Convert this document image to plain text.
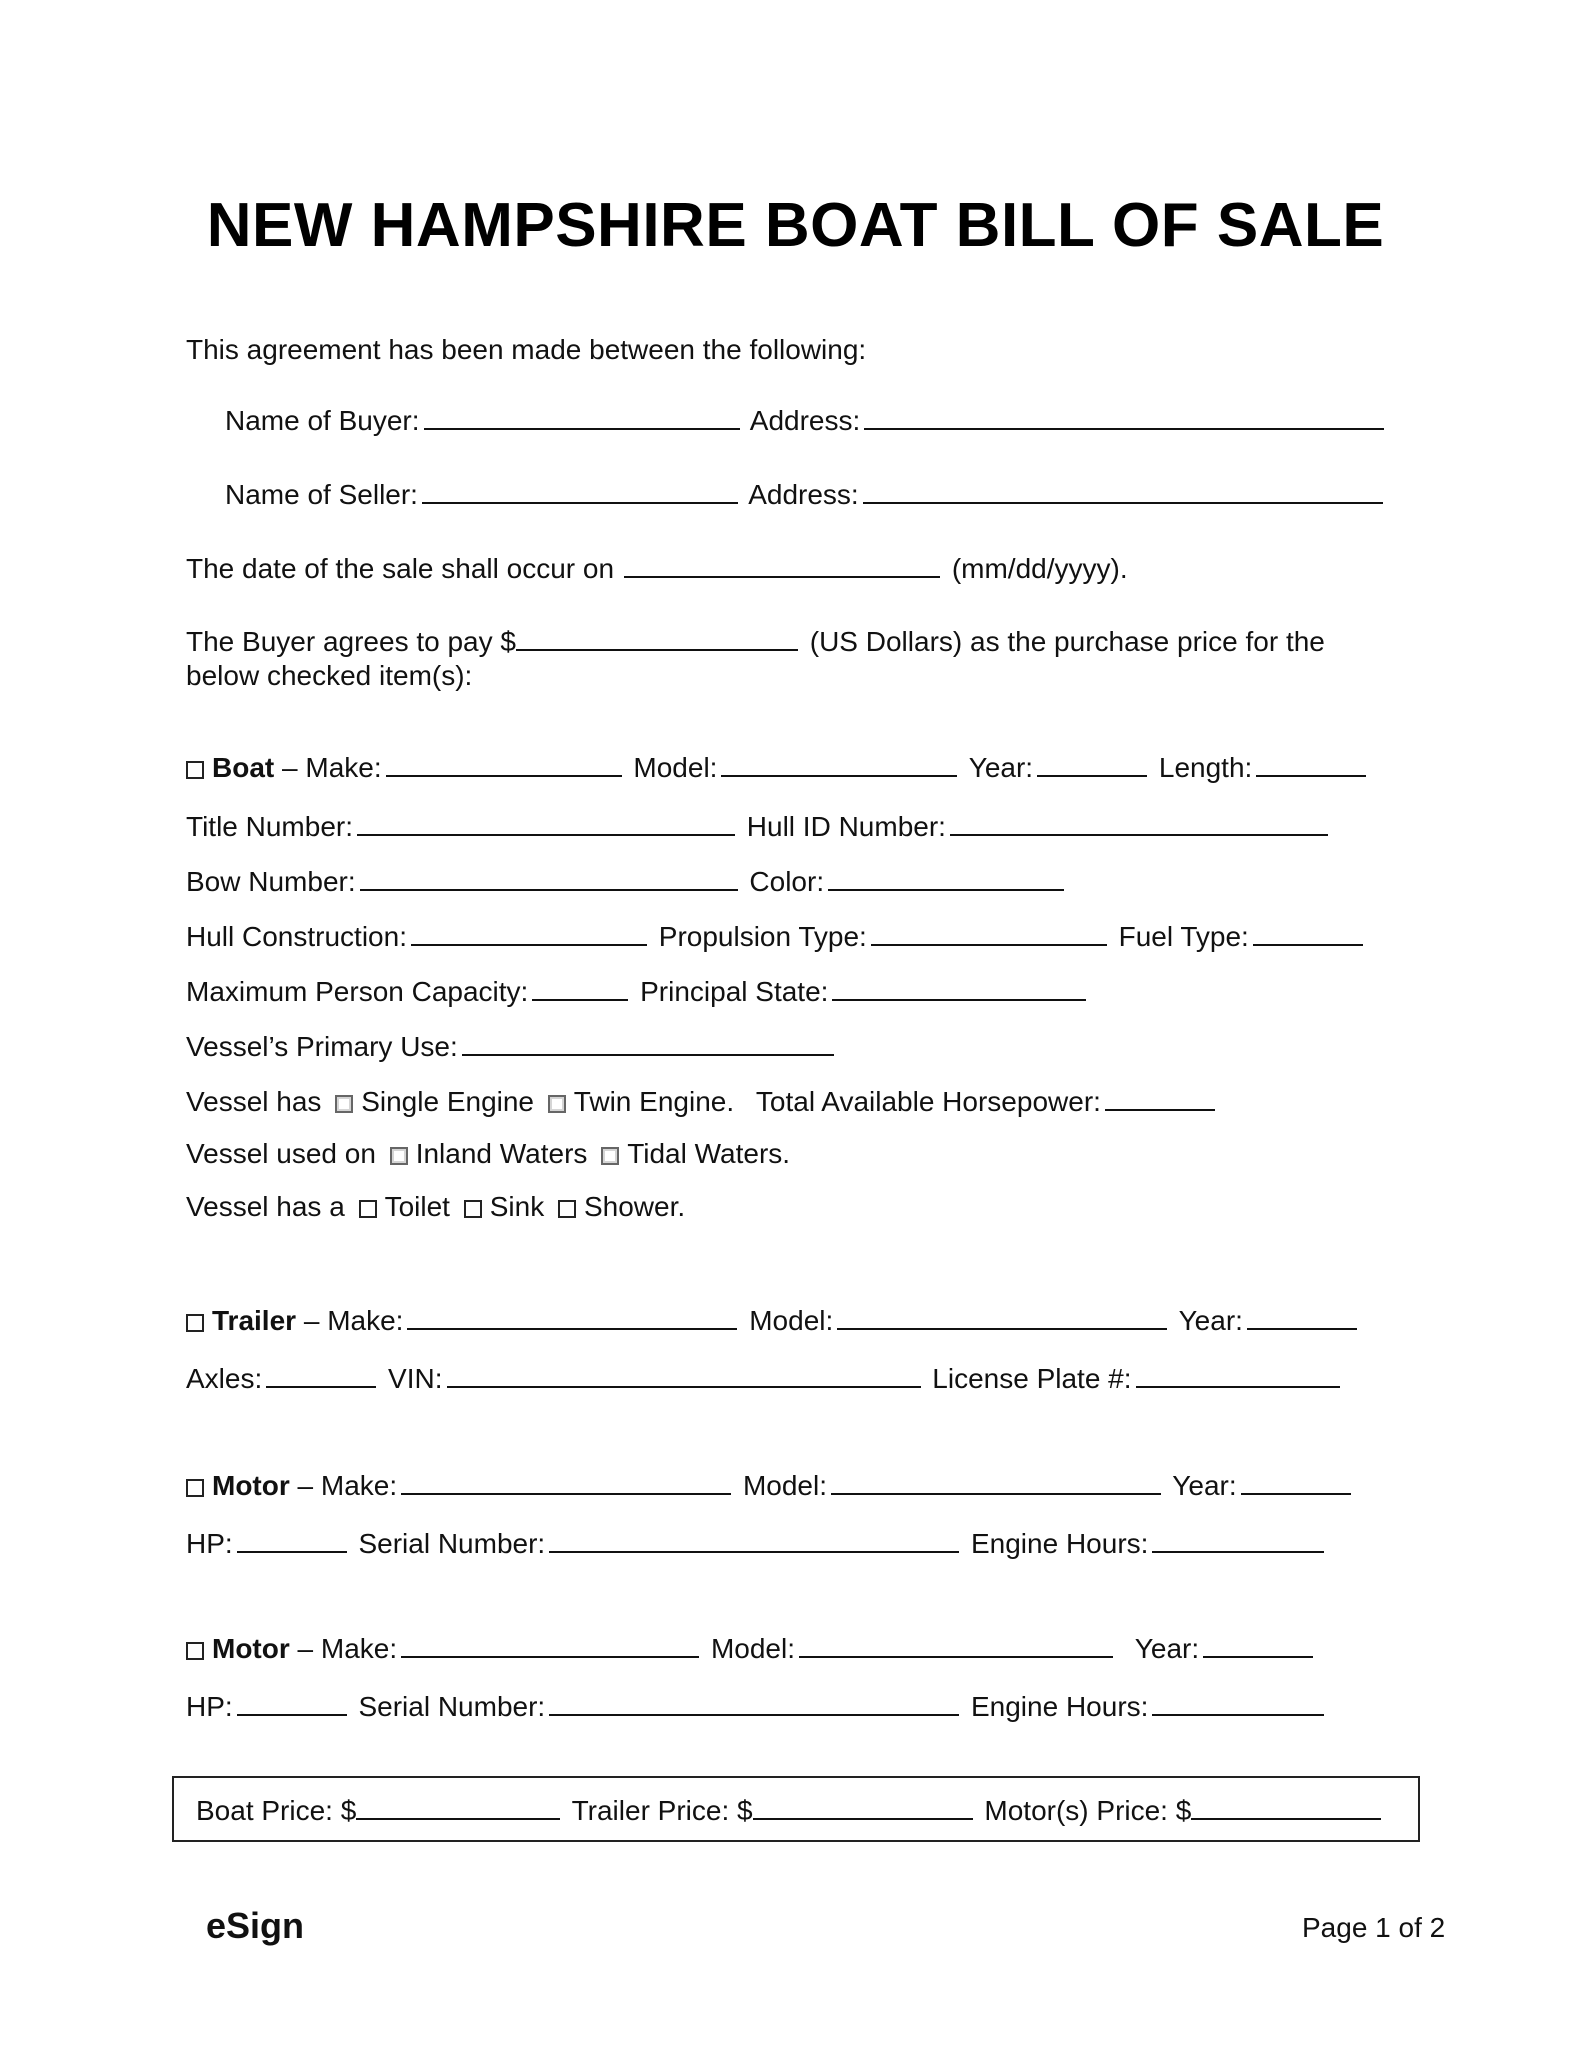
NEW HAMPSHIRE BOAT BILL OF SALE
This agreement has been made between the following:
Name of Buyer:	Address:
Name of Seller:	Address:
The date of the sale shall occur on	(mm/dd/yyyy).
The Buyer agrees to pay $	(US Dollars) as the purchase price for the
below checked item(s):
Boat – Make:	Model:	Year:	Length:
Title Number:	Hull ID Number:
Bow Number:	Color:
Hull Construction:	Propulsion Type:	Fuel Type:
Maximum Person Capacity:	Principal State:
Vessel’s Primary Use:
Vessel has Single Engine Twin Engine. Total Available Horsepower:
Vessel used on Inland Waters Tidal Waters.
Vessel has a Toilet Sink Shower.
Trailer – Make:	Model:	Year:
Axles:	VIN:	License Plate #:
Motor – Make:	Model:	Year:
HP:	Serial Number:	Engine Hours:
Motor – Make:	Model:	Year:
HP:	Serial Number:	Engine Hours:
Boat Price: $	Trailer Price: $	Motor(s) Price: $
eSign	Page 1 of 2
